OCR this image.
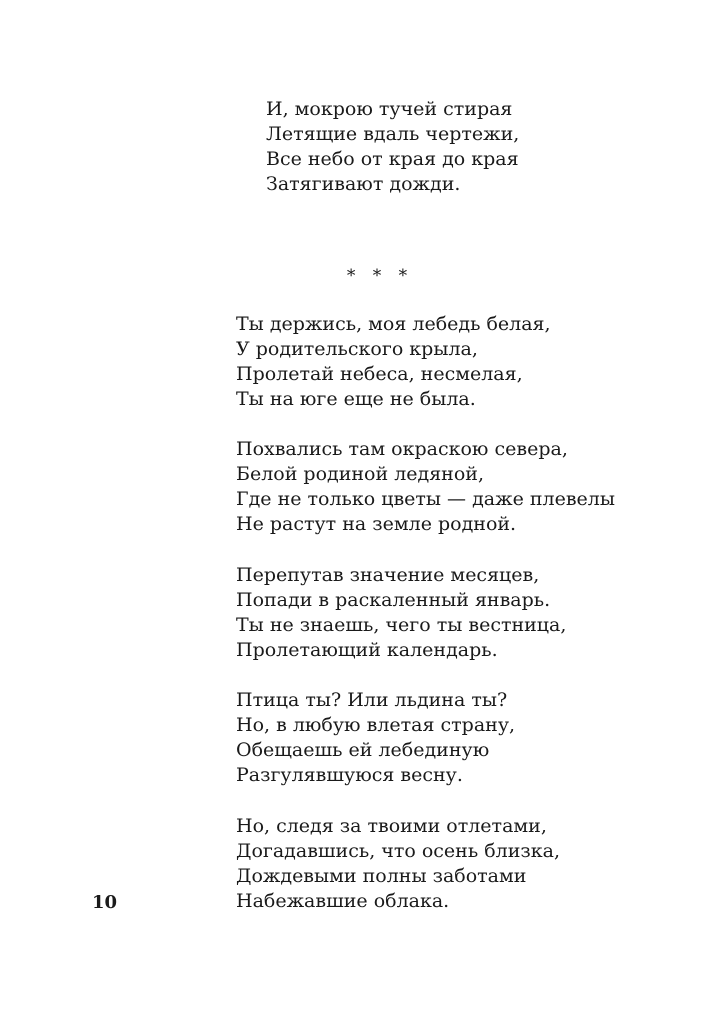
И, мокрою тучей стирая
Летящие вдаль чертежи,
Все небо от края до края
Затягивают дожди.
* * *
Ты держись, моя лебедь белая,
У родительского крыла,
Пролетай небеса, несмелая,
Ты на юге еще не была.
Похвались там окраскою севера,
Белой родиной ледяной,
Где не только цветы — даже плевелы
Не растут на земле родной.
Перепутав значение месяцев,
Попади в раскаленный январь.
Ты не знаешь, чего ты вестница,
Пролетающий календарь.
Птица ты? Или льдина ты?
Но, в любую влетая страну,
Обещаешь ей лебединую
Разгулявшуюся весну.
Но, следя за твоими отлетами,
Догадавшись, что осень близка,
Дождевыми полны заботами
Набежавшие облака.
10
